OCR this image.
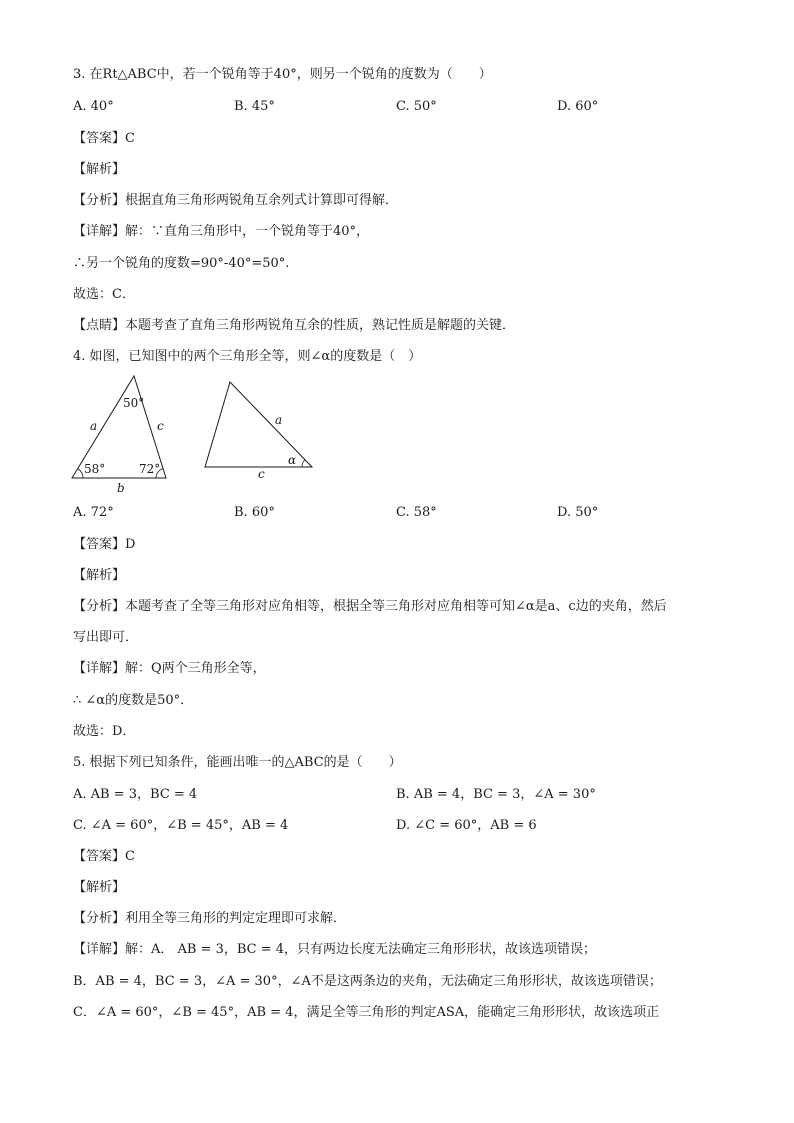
3. 在Rt△ABC中，若一个锐角等于40°，则另一个锐角的度数为（　　）
A. 40°	B. 45°	C. 50°	D. 60°
【答案】C
【解析】
【分析】根据直角三角形两锐角互余列式计算即可得解．
【详解】解：∵直角三角形中，一个锐角等于40°，
∴另一个锐角的度数=90°-40°=50°.
故选：C．
【点睛】本题考查了直角三角形两锐角互余的性质，熟记性质是解题的关键．
4. 如图，已知图中的两个三角形全等，则∠α的度数是（　）
50°
58°	72°
a
b
c	a
c
α
A. 72°	B. 60°	C. 58°	D. 50°
【答案】D
【解析】
【分析】本题考查了全等三角形对应角相等，根据全等三角形对应角相等可知∠α是a、c边的夹角，然后
写出即可．
【详解】解：Q两个三角形全等，
∴ ∠α的度数是50°．
故选：D．
5. 根据下列已知条件，能画出唯一的△ABC的是（　　）
A. AB = 3，BC = 4	B. AB = 4，BC = 3，∠A = 30°
C. ∠A = 60°，∠B = 45°，AB = 4	D. ∠C = 60°，AB = 6
【答案】C
【解析】
【分析】利用全等三角形的判定定理即可求解．
【详解】解：A． AB = 3，BC = 4，只有两边长度无法确定三角形形状，故该选项错误；
B．AB = 4，BC = 3，∠A = 30°，∠A不是这两条边的夹角，无法确定三角形形状，故该选项错误；
C．∠A = 60°，∠B = 45°，AB = 4，满足全等三角形的判定ASA，能确定三角形形状，故该选项正
